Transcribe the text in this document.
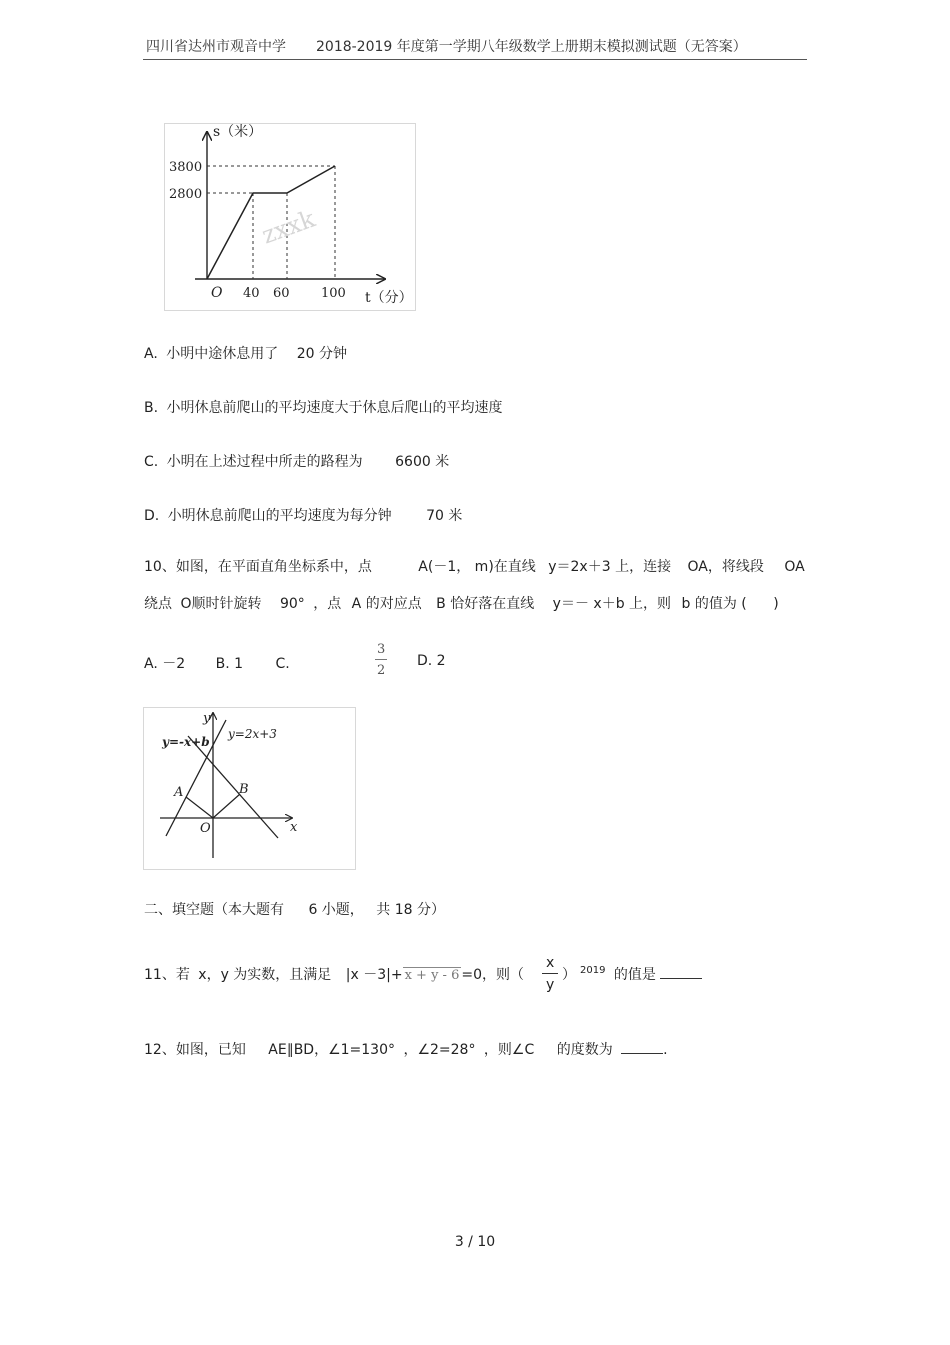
四川省达州市观音中学 2018-2019 年度第一学期八年级数学上册期末模拟测试题（无答案）
zxxk
s（米）
t（分）
O
3800
2800
40 60 100
A. 小明中途休息用了 20 分钟
B. 小明休息前爬山的平均速度大于休息后爬山的平均速度
C. 小明在上述过程中所走的路程为 6600 米
D. 小明休息前爬山的平均速度为每分钟 70 米
10、如图，在平面直角坐标系中，点	A(－1， m)在直线 y＝2x＋3 上，连接 OA，将线段 OA
绕点 O顺时针旋转 90° ，点 A 的对应点 B 恰好落在直线 y＝－ x＋b 上，则 b 的值为 ( )
A. －2 B. 1 C.
3
2
D. 2
y
x
O
y=2x+3
y=-x+b
A	B
二、填空题（本大题有 6 小题， 共 18 分）
11、若 x，y 为实数，且满足 |x －3|+ x + y - 6 =0，则（
x
y
） $^{2019}$ 的值是
12、如图，已知 AE∥BD，∠1=130° ，∠2=28° ，则∠C 的度数为	.
3 / 10
